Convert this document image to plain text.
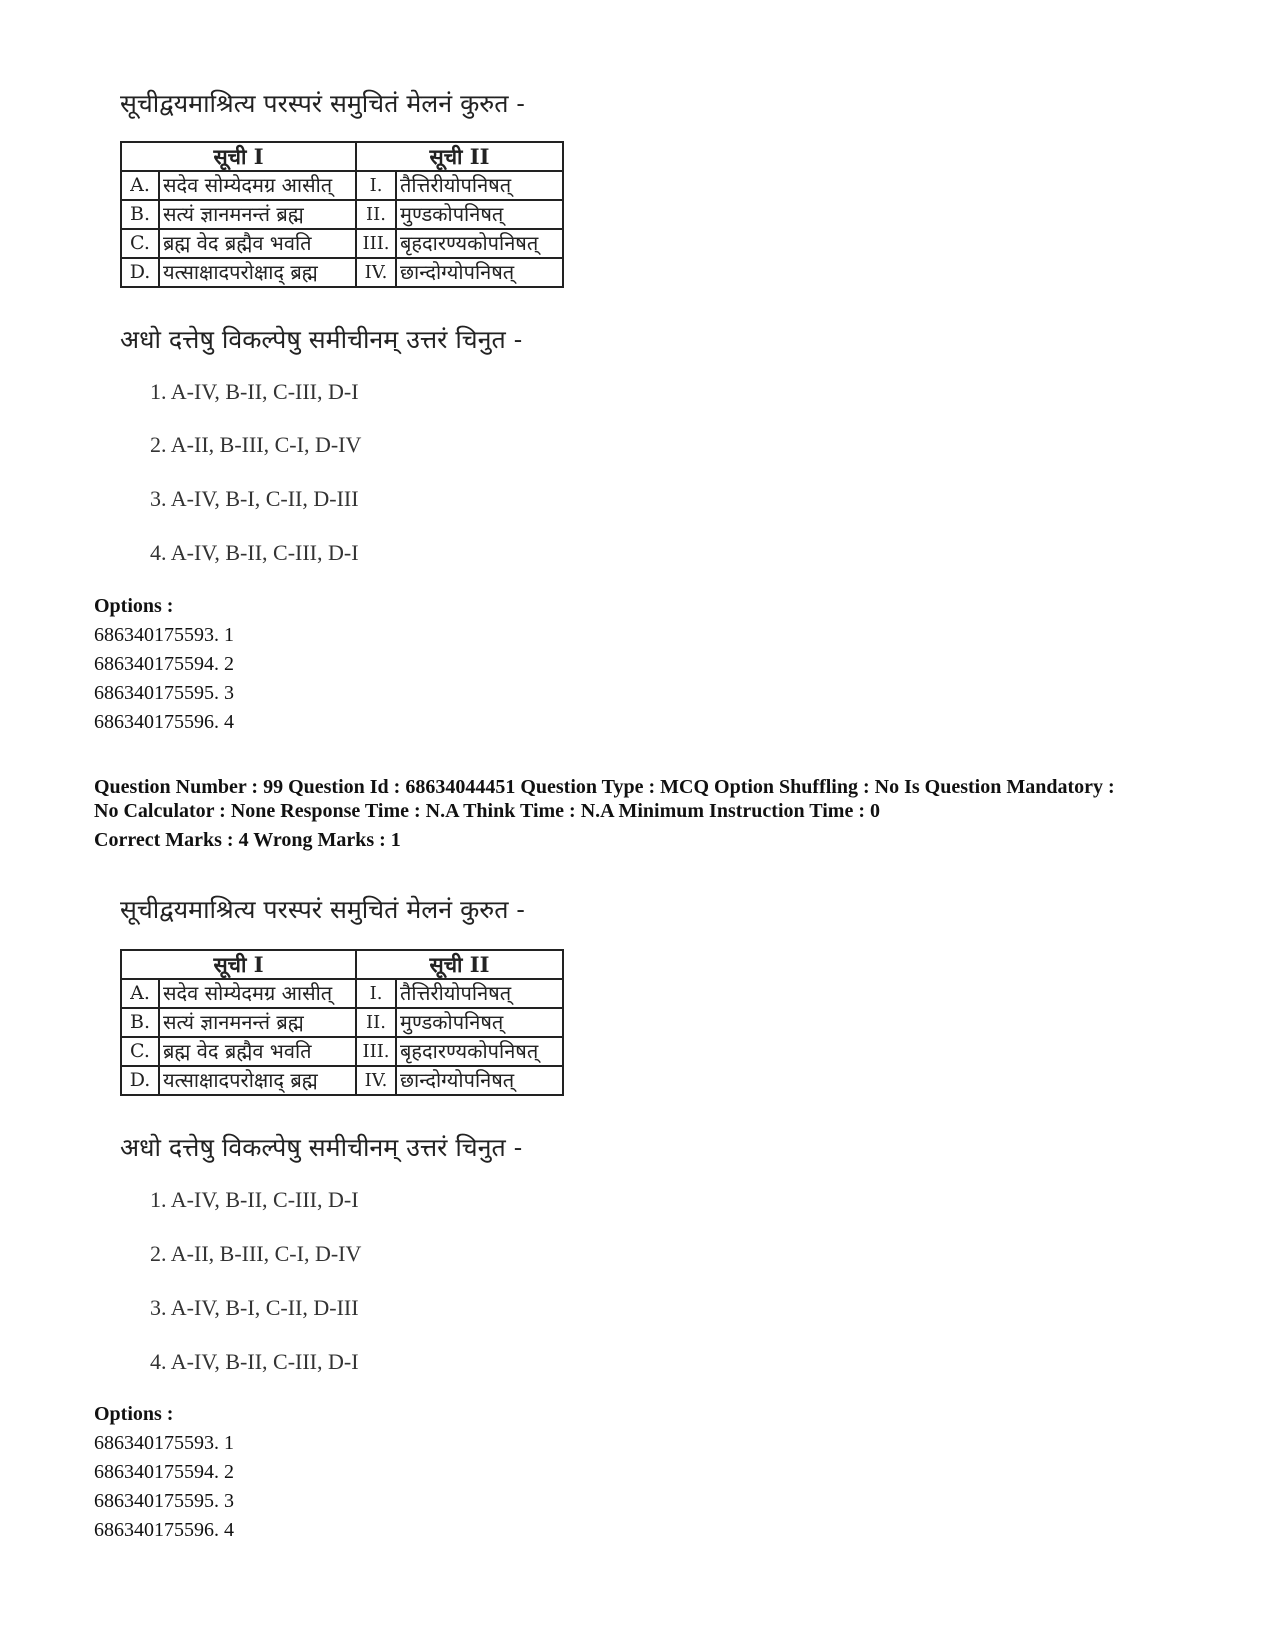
सूचीद्वयमाश्रित्य परस्परं समुचितं मेलनं कुरुत -
सूची I		सूची II	
A.	सदेव सोम्येदमग्र आसीत्	I.	तैत्तिरीयोपनिषत्
B.	सत्यं ज्ञानमनन्तं ब्रह्म	II.	मुण्डकोपनिषत्
C.	ब्रह्म वेद ब्रह्मैव भवति	III.	बृहदारण्यकोपनिषत्
D.	यत्साक्षादपरोक्षाद् ब्रह्म	IV.	छान्दोग्योपनिषत्
अधो दत्तेषु विकल्पेषु समीचीनम् उत्तरं चिनुत -
1. A-IV, B-II, C-III, D-I
2. A-II, B-III, C-I, D-IV
3. A-IV, B-I, C-II, D-III
4. A-IV, B-II, C-III, D-I
Options :
686340175593. 1
686340175594. 2
686340175595. 3
686340175596. 4
Question Number : 99 Question Id : 68634044451 Question Type : MCQ Option Shuffling : No Is Question Mandatory :
No Calculator : None Response Time : N.A Think Time : N.A Minimum Instruction Time : 0
Correct Marks : 4 Wrong Marks : 1
सूचीद्वयमाश्रित्य परस्परं समुचितं मेलनं कुरुत -
सूची I		सूची II	
A.	सदेव सोम्येदमग्र आसीत्	I.	तैत्तिरीयोपनिषत्
B.	सत्यं ज्ञानमनन्तं ब्रह्म	II.	मुण्डकोपनिषत्
C.	ब्रह्म वेद ब्रह्मैव भवति	III.	बृहदारण्यकोपनिषत्
D.	यत्साक्षादपरोक्षाद् ब्रह्म	IV.	छान्दोग्योपनिषत्
अधो दत्तेषु विकल्पेषु समीचीनम् उत्तरं चिनुत -
1. A-IV, B-II, C-III, D-I
2. A-II, B-III, C-I, D-IV
3. A-IV, B-I, C-II, D-III
4. A-IV, B-II, C-III, D-I
Options :
686340175593. 1
686340175594. 2
686340175595. 3
686340175596. 4
